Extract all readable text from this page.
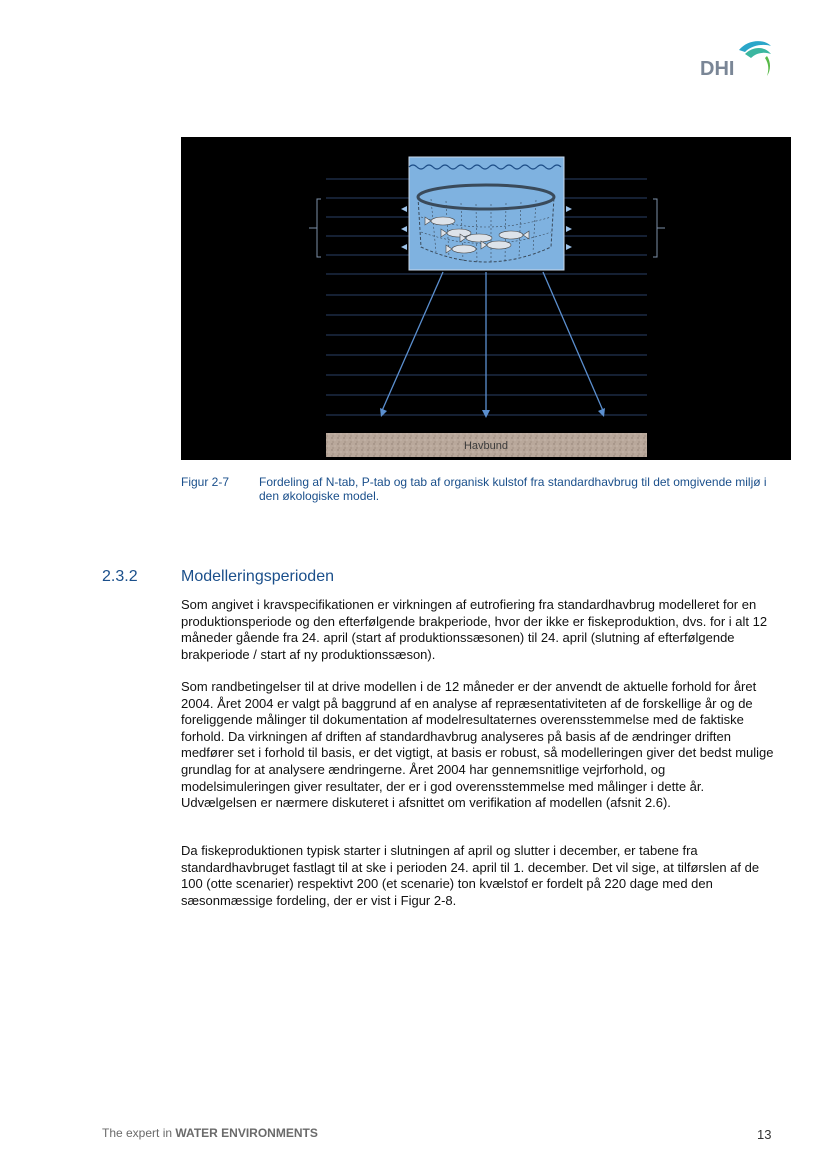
DHI
Havbund
Figur 2-7 Fordeling af N-tab, P-tab og tab af organisk kulstof fra standardhavbrug til det omgivende miljø i den økologiske model.
2.3.2	Modelleringsperioden

Som angivet i kravspecifikationen er virkningen af eutrofiering fra standardhavbrug modelleret for en produktionsperiode og den efterfølgende brakperiode, hvor der ikke er fiskeproduktion, dvs. for i alt 12 måneder gående fra 24. april (start af produktionssæsonen) til 24. april (slutning af efterfølgende brakperiode / start af ny produktionssæson).

Som randbetingelser til at drive modellen i de 12 måneder er der anvendt de aktuelle forhold for året 2004. Året 2004 er valgt på baggrund af en analyse af repræsentativiteten af de forskellige år og de foreliggende målinger til dokumentation af modelresultaternes overensstemmelse med de faktiske forhold. Da virkningen af driften af standardhavbrug analyseres på basis af de ændringer driften medfører set i forhold til basis, er det vigtigt, at basis er robust, så modelleringen giver det bedst mulige grundlag for at analysere ændringerne. Året 2004 har gennemsnitlige vejrforhold, og modelsimuleringen giver resultater, der er i god overensstemmelse med målinger i dette år. Udvælgelsen er nærmere diskuteret i afsnittet om verifikation af modellen (afsnit 2.6).

Da fiskeproduktionen typisk starter i slutningen af april og slutter i december, er tabene fra standardhavbruget fastlagt til at ske i perioden 24. april til 1. december. Det vil sige, at tilførslen af de 100 (otte scenarier) respektivt 200 (et scenarie) ton kvælstof er fordelt på 220 dage med den sæsonmæssige fordeling, der er vist i Figur 2-8.

The expert in WATER ENVIRONMENTS	13
